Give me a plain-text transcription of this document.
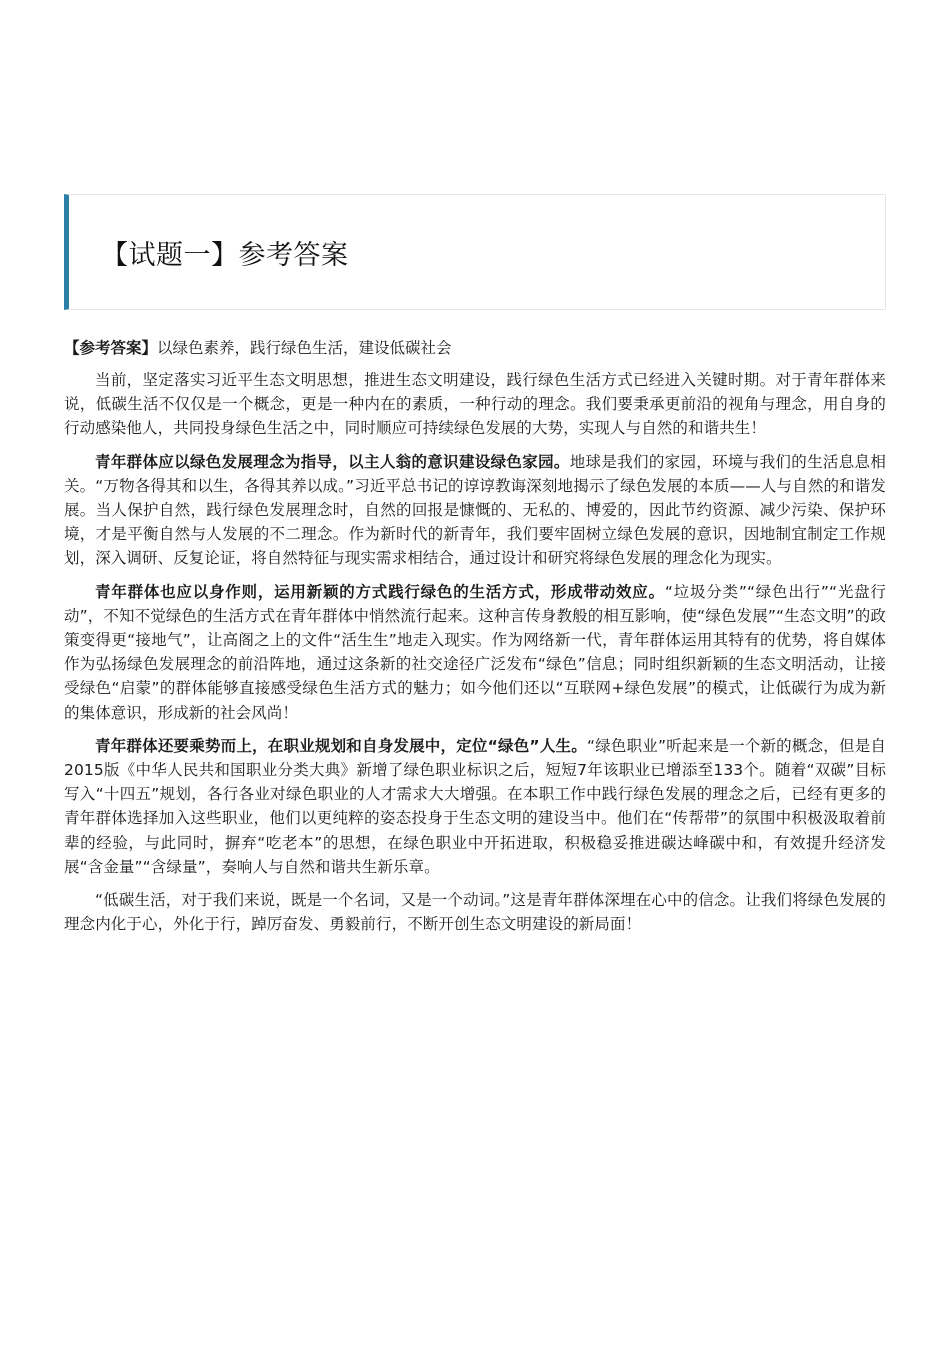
【试题一】参考答案

【参考答案】以绿色素养，践行绿色生活，建设低碳社会

当前，坚定落实习近平生态文明思想，推进生态文明建设，践行绿色生活方式已经进入关键时期。对于青年群体来说，低碳生活不仅仅是一个概念，更是一种内在的素质，一种行动的理念。我们要秉承更前沿的视角与理念，用自身的行动感染他人，共同投身绿色生活之中，同时顺应可持续绿色发展的大势，实现人与自然的和谐共生！

青年群体应以绿色发展理念为指导，以主人翁的意识建设绿色家园。地球是我们的家园，环境与我们的生活息息相关。“万物各得其和以生，各得其养以成。”习近平总书记的谆谆教诲深刻地揭示了绿色发展的本质——人与自然的和谐发展。当人保护自然，践行绿色发展理念时，自然的回报是慷慨的、无私的、博爱的，因此节约资源、减少污染、保护环境，才是平衡自然与人发展的不二理念。作为新时代的新青年，我们要牢固树立绿色发展的意识，因地制宜制定工作规划，深入调研、反复论证，将自然特征与现实需求相结合，通过设计和研究将绿色发展的理念化为现实。

青年群体也应以身作则，运用新颖的方式践行绿色的生活方式，形成带动效应。“垃圾分类”“绿色出行”“光盘行动”，不知不觉绿色的生活方式在青年群体中悄然流行起来。这种言传身教般的相互影响，使“绿色发展”“生态文明”的政策变得更“接地气”，让高阁之上的文件“活生生”地走入现实。作为网络新一代，青年群体运用其特有的优势，将自媒体作为弘扬绿色发展理念的前沿阵地，通过这条新的社交途径广泛发布“绿色”信息；同时组织新颖的生态文明活动，让接受绿色“启蒙”的群体能够直接感受绿色生活方式的魅力；如今他们还以“互联网+绿色发展”的模式，让低碳行为成为新的集体意识，形成新的社会风尚！

青年群体还要乘势而上，在职业规划和自身发展中，定位“绿色”人生。“绿色职业”听起来是一个新的概念，但是自2015版《中华人民共和国职业分类大典》新增了绿色职业标识之后，短短7年该职业已增添至133个。随着“双碳”目标写入“十四五”规划，各行各业对绿色职业的人才需求大大增强。在本职工作中践行绿色发展的理念之后，已经有更多的青年群体选择加入这些职业，他们以更纯粹的姿态投身于生态文明的建设当中。他们在“传帮带”的氛围中积极汲取着前辈的经验，与此同时，摒弃“吃老本”的思想，在绿色职业中开拓进取，积极稳妥推进碳达峰碳中和，有效提升经济发展“含金量”“含绿量”，奏响人与自然和谐共生新乐章。

“低碳生活，对于我们来说，既是一个名词，又是一个动词。”这是青年群体深埋在心中的信念。让我们将绿色发展的理念内化于心，外化于行，踔厉奋发、勇毅前行，不断开创生态文明建设的新局面！
